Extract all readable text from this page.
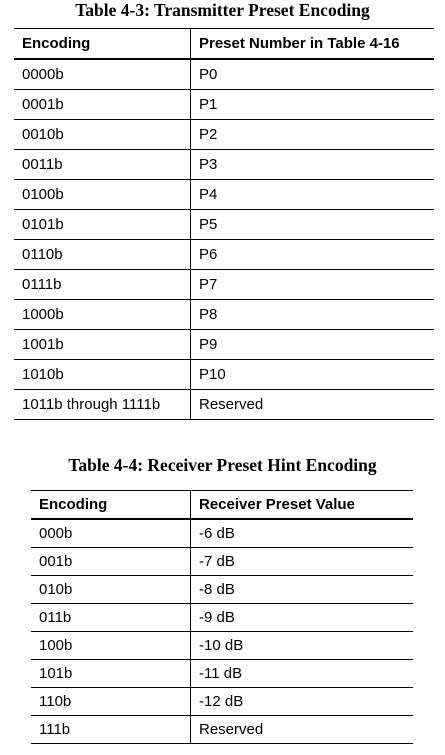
Table 4-3: Transmitter Preset Encoding
Encoding	Preset Number in Table 4-16
0000b	P0
0001b	P1
0010b	P2
0011b	P3
0100b	P4
0101b	P5
0110b	P6
0111b	P7
1000b	P8
1001b	P9
1010b	P10
1011b through 1111b	Reserved
Table 4-4: Receiver Preset Hint Encoding
Encoding	Receiver Preset Value
000b	-6 dB
001b	-7 dB
010b	-8 dB
011b	-9 dB
100b	-10 dB
101b	-11 dB
110b	-12 dB
111b	Reserved
